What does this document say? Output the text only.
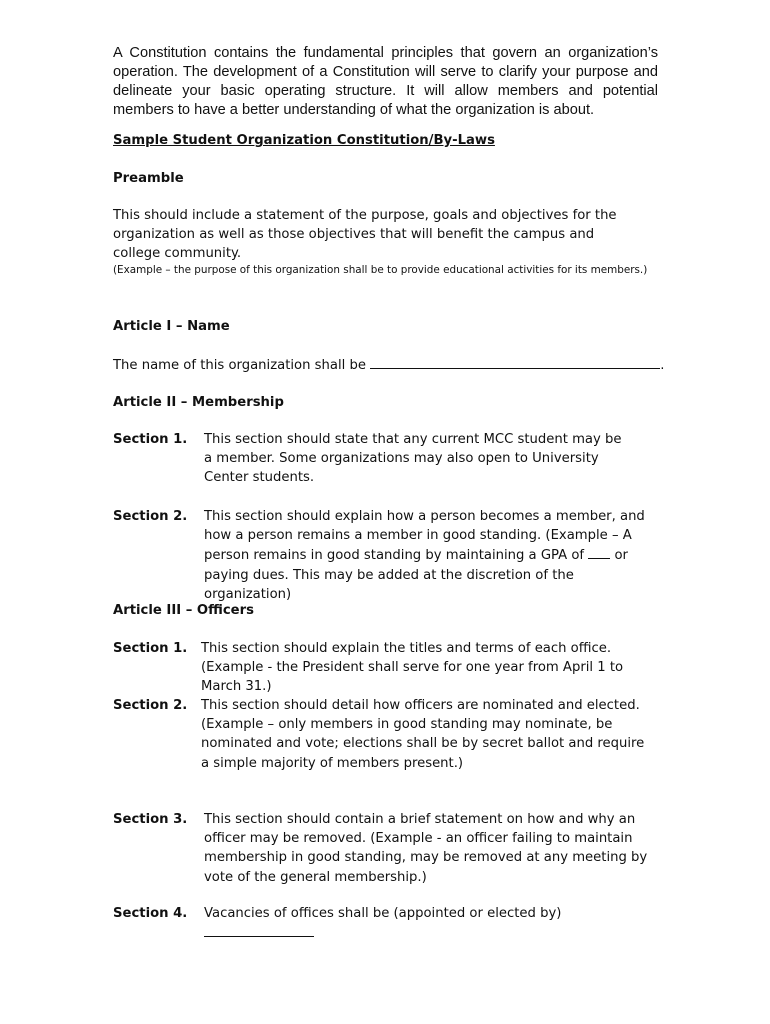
A Constitution contains the fundamental principles that govern an organization’s operation. The development of a Constitution will serve to clarify your purpose and delineate your basic operating structure. It will allow members and potential members to have a better understanding of what the organization is about.

Sample Student Organization Constitution/By-Laws

Preamble

This should include a statement of the purpose, goals and objectives for the organization as well as those objectives that will benefit the campus and college community.

(Example – the purpose of this organization shall be to provide educational activities for its members.)

Article I – Name

The name of this organization shall be	.

Article II – Membership

Section 1. This section should state that any current MCC student may be a member. Some organizations may also open to University Center students.

Section 2. This section should explain how a person becomes a member, and how a person remains a member in good standing. (Example – A person remains in good standing by maintaining a GPA of or paying dues. This may be added at the discretion of the organization)

Article III – Officers

Section 1. This section should explain the titles and terms of each office. (Example - the President shall serve for one year from April 1 to March 31.)

Section 2. This section should detail how officers are nominated and elected. (Example – only members in good standing may nominate, be nominated and vote; elections shall be by secret ballot and require a simple majority of members present.)

Section 3. This section should contain a brief statement on how and why an officer may be removed. (Example - an officer failing to maintain membership in good standing, may be removed at any meeting by vote of the general membership.)

Section 4. Vacancies of offices shall be (appointed or elected by)
